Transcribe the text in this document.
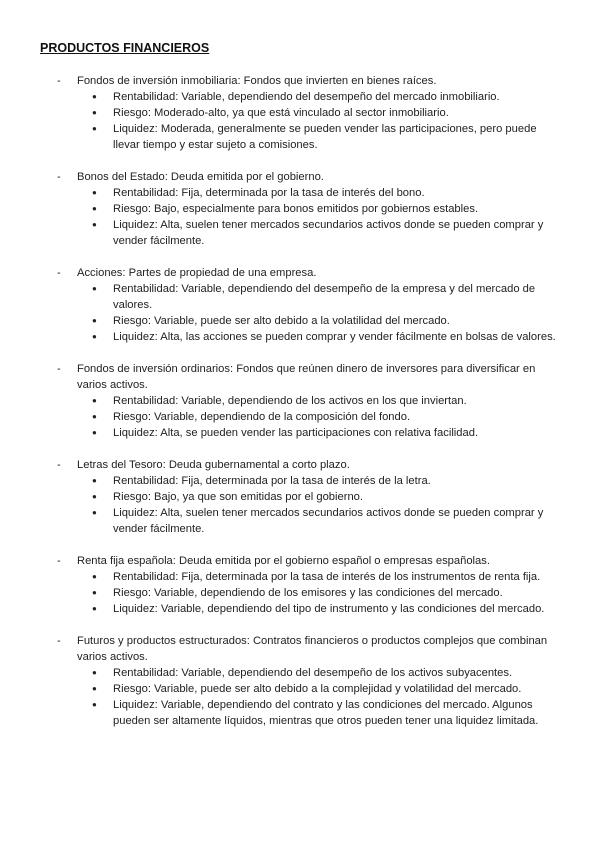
PRODUCTOS FINANCIEROS
-	Fondos de inversión inmobiliaria: Fondos que invierten en bienes raíces.
● Rentabilidad: Variable, dependiendo del desempeño del mercado inmobiliario.
● Riesgo: Moderado-alto, ya que está vinculado al sector inmobiliario.
● Liquidez: Moderada, generalmente se pueden vender las participaciones, pero puede llevar tiempo y estar sujeto a comisiones.
-	Bonos del Estado: Deuda emitida por el gobierno.
● Rentabilidad: Fija, determinada por la tasa de interés del bono.
● Riesgo: Bajo, especialmente para bonos emitidos por gobiernos estables.
● Liquidez: Alta, suelen tener mercados secundarios activos donde se pueden comprar y vender fácilmente.
-	Acciones: Partes de propiedad de una empresa.
● Rentabilidad: Variable, dependiendo del desempeño de la empresa y del mercado de valores.
● Riesgo: Variable, puede ser alto debido a la volatilidad del mercado.
● Liquidez: Alta, las acciones se pueden comprar y vender fácilmente en bolsas de valores.
-	Fondos de inversión ordinarios: Fondos que reúnen dinero de inversores para diversificar en varios activos.
● Rentabilidad: Variable, dependiendo de los activos en los que inviertan.
● Riesgo: Variable, dependiendo de la composición del fondo.
● Liquidez: Alta, se pueden vender las participaciones con relativa facilidad.
-	Letras del Tesoro: Deuda gubernamental a corto plazo.
● Rentabilidad: Fija, determinada por la tasa de interés de la letra.
● Riesgo: Bajo, ya que son emitidas por el gobierno.
● Liquidez: Alta, suelen tener mercados secundarios activos donde se pueden comprar y vender fácilmente.
-	Renta fija española: Deuda emitida por el gobierno español o empresas españolas.
● Rentabilidad: Fija, determinada por la tasa de interés de los instrumentos de renta fija.
● Riesgo: Variable, dependiendo de los emisores y las condiciones del mercado.
● Liquidez: Variable, dependiendo del tipo de instrumento y las condiciones del mercado.
-	Futuros y productos estructurados: Contratos financieros o productos complejos que combinan varios activos.
● Rentabilidad: Variable, dependiendo del desempeño de los activos subyacentes.
● Riesgo: Variable, puede ser alto debido a la complejidad y volatilidad del mercado.
● Liquidez: Variable, dependiendo del contrato y las condiciones del mercado. Algunos pueden ser altamente líquidos, mientras que otros pueden tener una liquidez limitada.
